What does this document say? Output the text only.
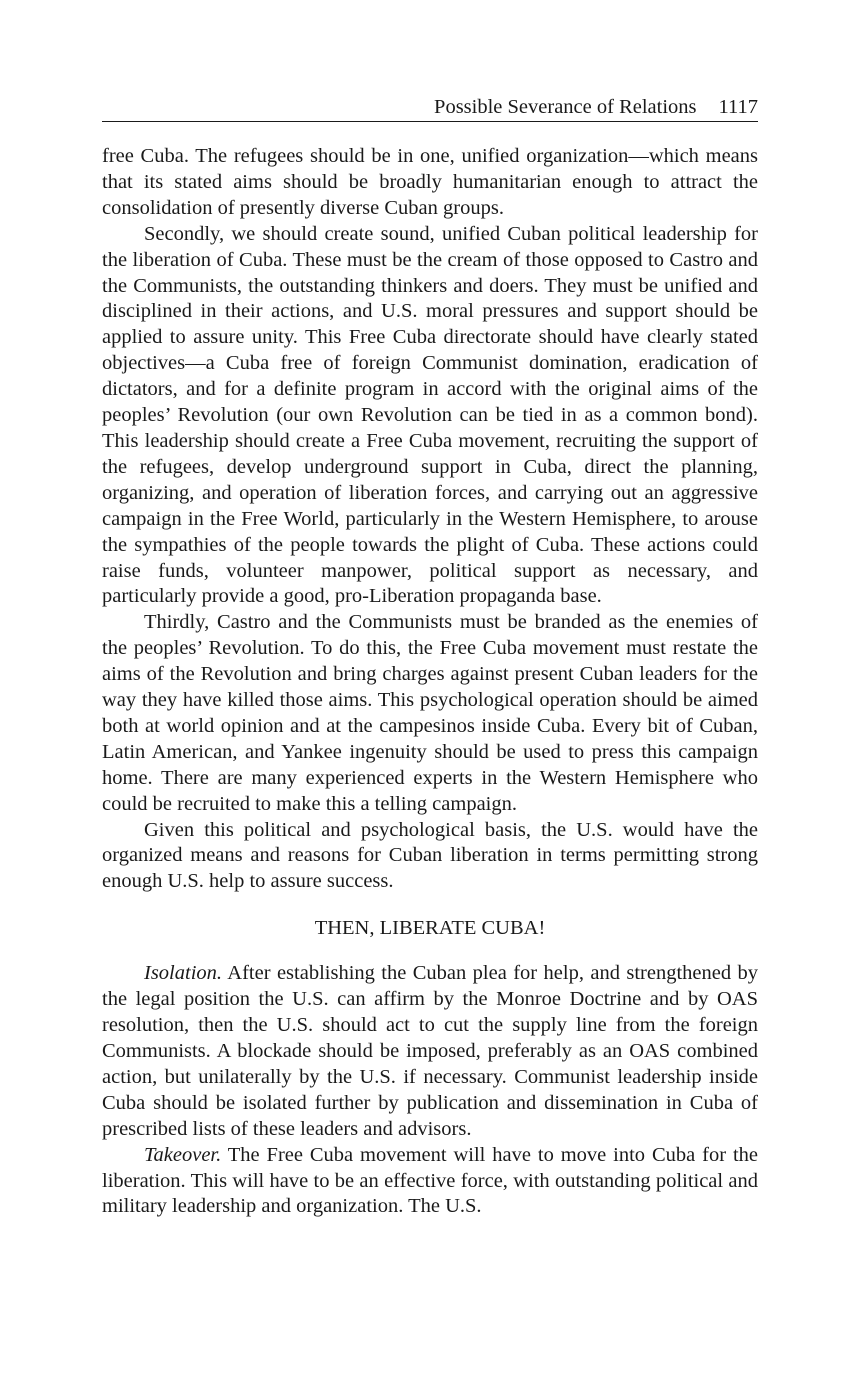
Possible Severance of Relations 1117

free Cuba. The refugees should be in one, unified organization—which means that its stated aims should be broadly humanitarian enough to attract the consolidation of presently diverse Cuban groups.

Secondly, we should create sound, unified Cuban political leadership for the liberation of Cuba. These must be the cream of those opposed to Castro and the Communists, the outstanding thinkers and doers. They must be unified and disciplined in their actions, and U.S. moral pressures and support should be applied to assure unity. This Free Cuba directorate should have clearly stated objectives—a Cuba free of foreign Communist domination, eradication of dictators, and for a definite program in accord with the original aims of the peoples’ Revolution (our own Revolution can be tied in as a common bond). This leadership should create a Free Cuba movement, recruiting the support of the refugees, develop underground support in Cuba, direct the planning, organizing, and operation of liberation forces, and carrying out an aggressive campaign in the Free World, particularly in the Western Hemisphere, to arouse the sympathies of the people towards the plight of Cuba. These actions could raise funds, volunteer manpower, political support as necessary, and particularly provide a good, pro-Liberation propaganda base.

Thirdly, Castro and the Communists must be branded as the enemies of the peoples’ Revolution. To do this, the Free Cuba movement must restate the aims of the Revolution and bring charges against present Cuban leaders for the way they have killed those aims. This psychological operation should be aimed both at world opinion and at the campesinos inside Cuba. Every bit of Cuban, Latin American, and Yankee ingenuity should be used to press this campaign home. There are many experienced experts in the Western Hemisphere who could be recruited to make this a telling campaign.

Given this political and psychological basis, the U.S. would have the organized means and reasons for Cuban liberation in terms permitting strong enough U.S. help to assure success.

THEN, LIBERATE CUBA!

Isolation. After establishing the Cuban plea for help, and strengthened by the legal position the U.S. can affirm by the Monroe Doctrine and by OAS resolution, then the U.S. should act to cut the supply line from the foreign Communists. A blockade should be imposed, preferably as an OAS combined action, but unilaterally by the U.S. if necessary. Communist leadership inside Cuba should be isolated further by publication and dissemination in Cuba of prescribed lists of these leaders and advisors.

Takeover. The Free Cuba movement will have to move into Cuba for the liberation. This will have to be an effective force, with outstanding political and military leadership and organization. The U.S.
